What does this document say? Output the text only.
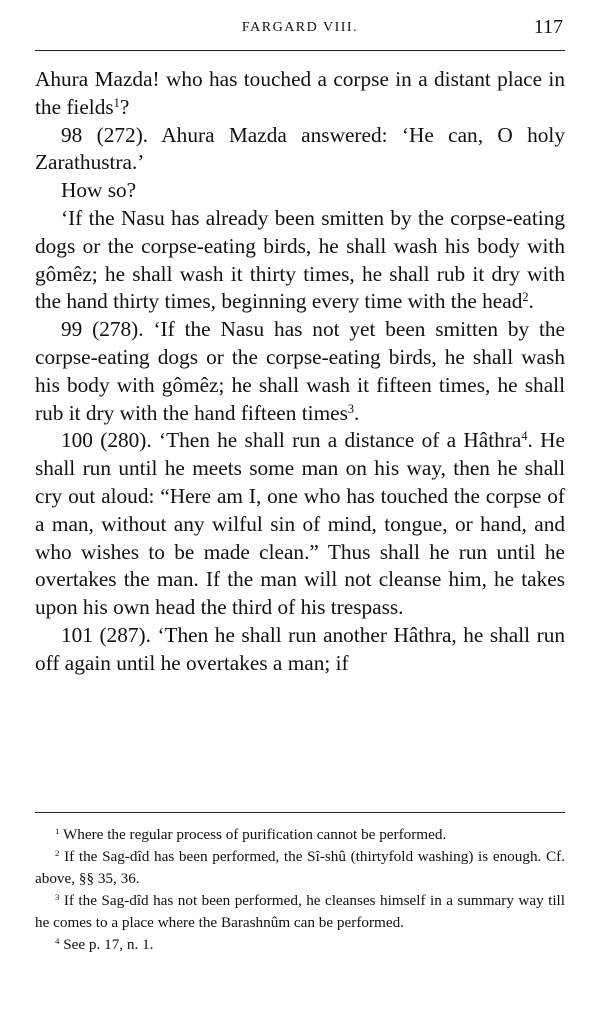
FARGARD VIII.	117

Ahura Mazda! who has touched a corpse in a distant place in the fields$^1$?

98 (272). Ahura Mazda answered: ‘He can, O holy Zarathustra.’

How so?

‘If the Nasu has already been smitten by the corpse-eating dogs or the corpse-eating birds, he shall wash his body with gômêz; he shall wash it thirty times, he shall rub it dry with the hand thirty times, beginning every time with the head$^2$.

99 (278). ‘If the Nasu has not yet been smitten by the corpse-eating dogs or the corpse-eating birds, he shall wash his body with gômêz; he shall wash it fifteen times, he shall rub it dry with the hand fifteen times$^3$.

100 (280). ‘Then he shall run a distance of a Hâthra$^4$. He shall run until he meets some man on his way, then he shall cry out aloud: “Here am I, one who has touched the corpse of a man, without any wilful sin of mind, tongue, or hand, and who wishes to be made clean.” Thus shall he run until he overtakes the man. If the man will not cleanse him, he takes upon his own head the third of his trespass.

101 (287). ‘Then he shall run another Hâthra, he shall run off again until he overtakes a man; if

$^1$ Where the regular process of purification cannot be performed.

$^2$ If the Sag-dîd has been performed, the Sî-shû (thirtyfold washing) is enough. Cf. above, §§ 35, 36.

$^3$ If the Sag-dîd has not been performed, he cleanses himself in a summary way till he comes to a place where the Barashnûm can be performed.

$^4$ See p. 17, n. 1.
